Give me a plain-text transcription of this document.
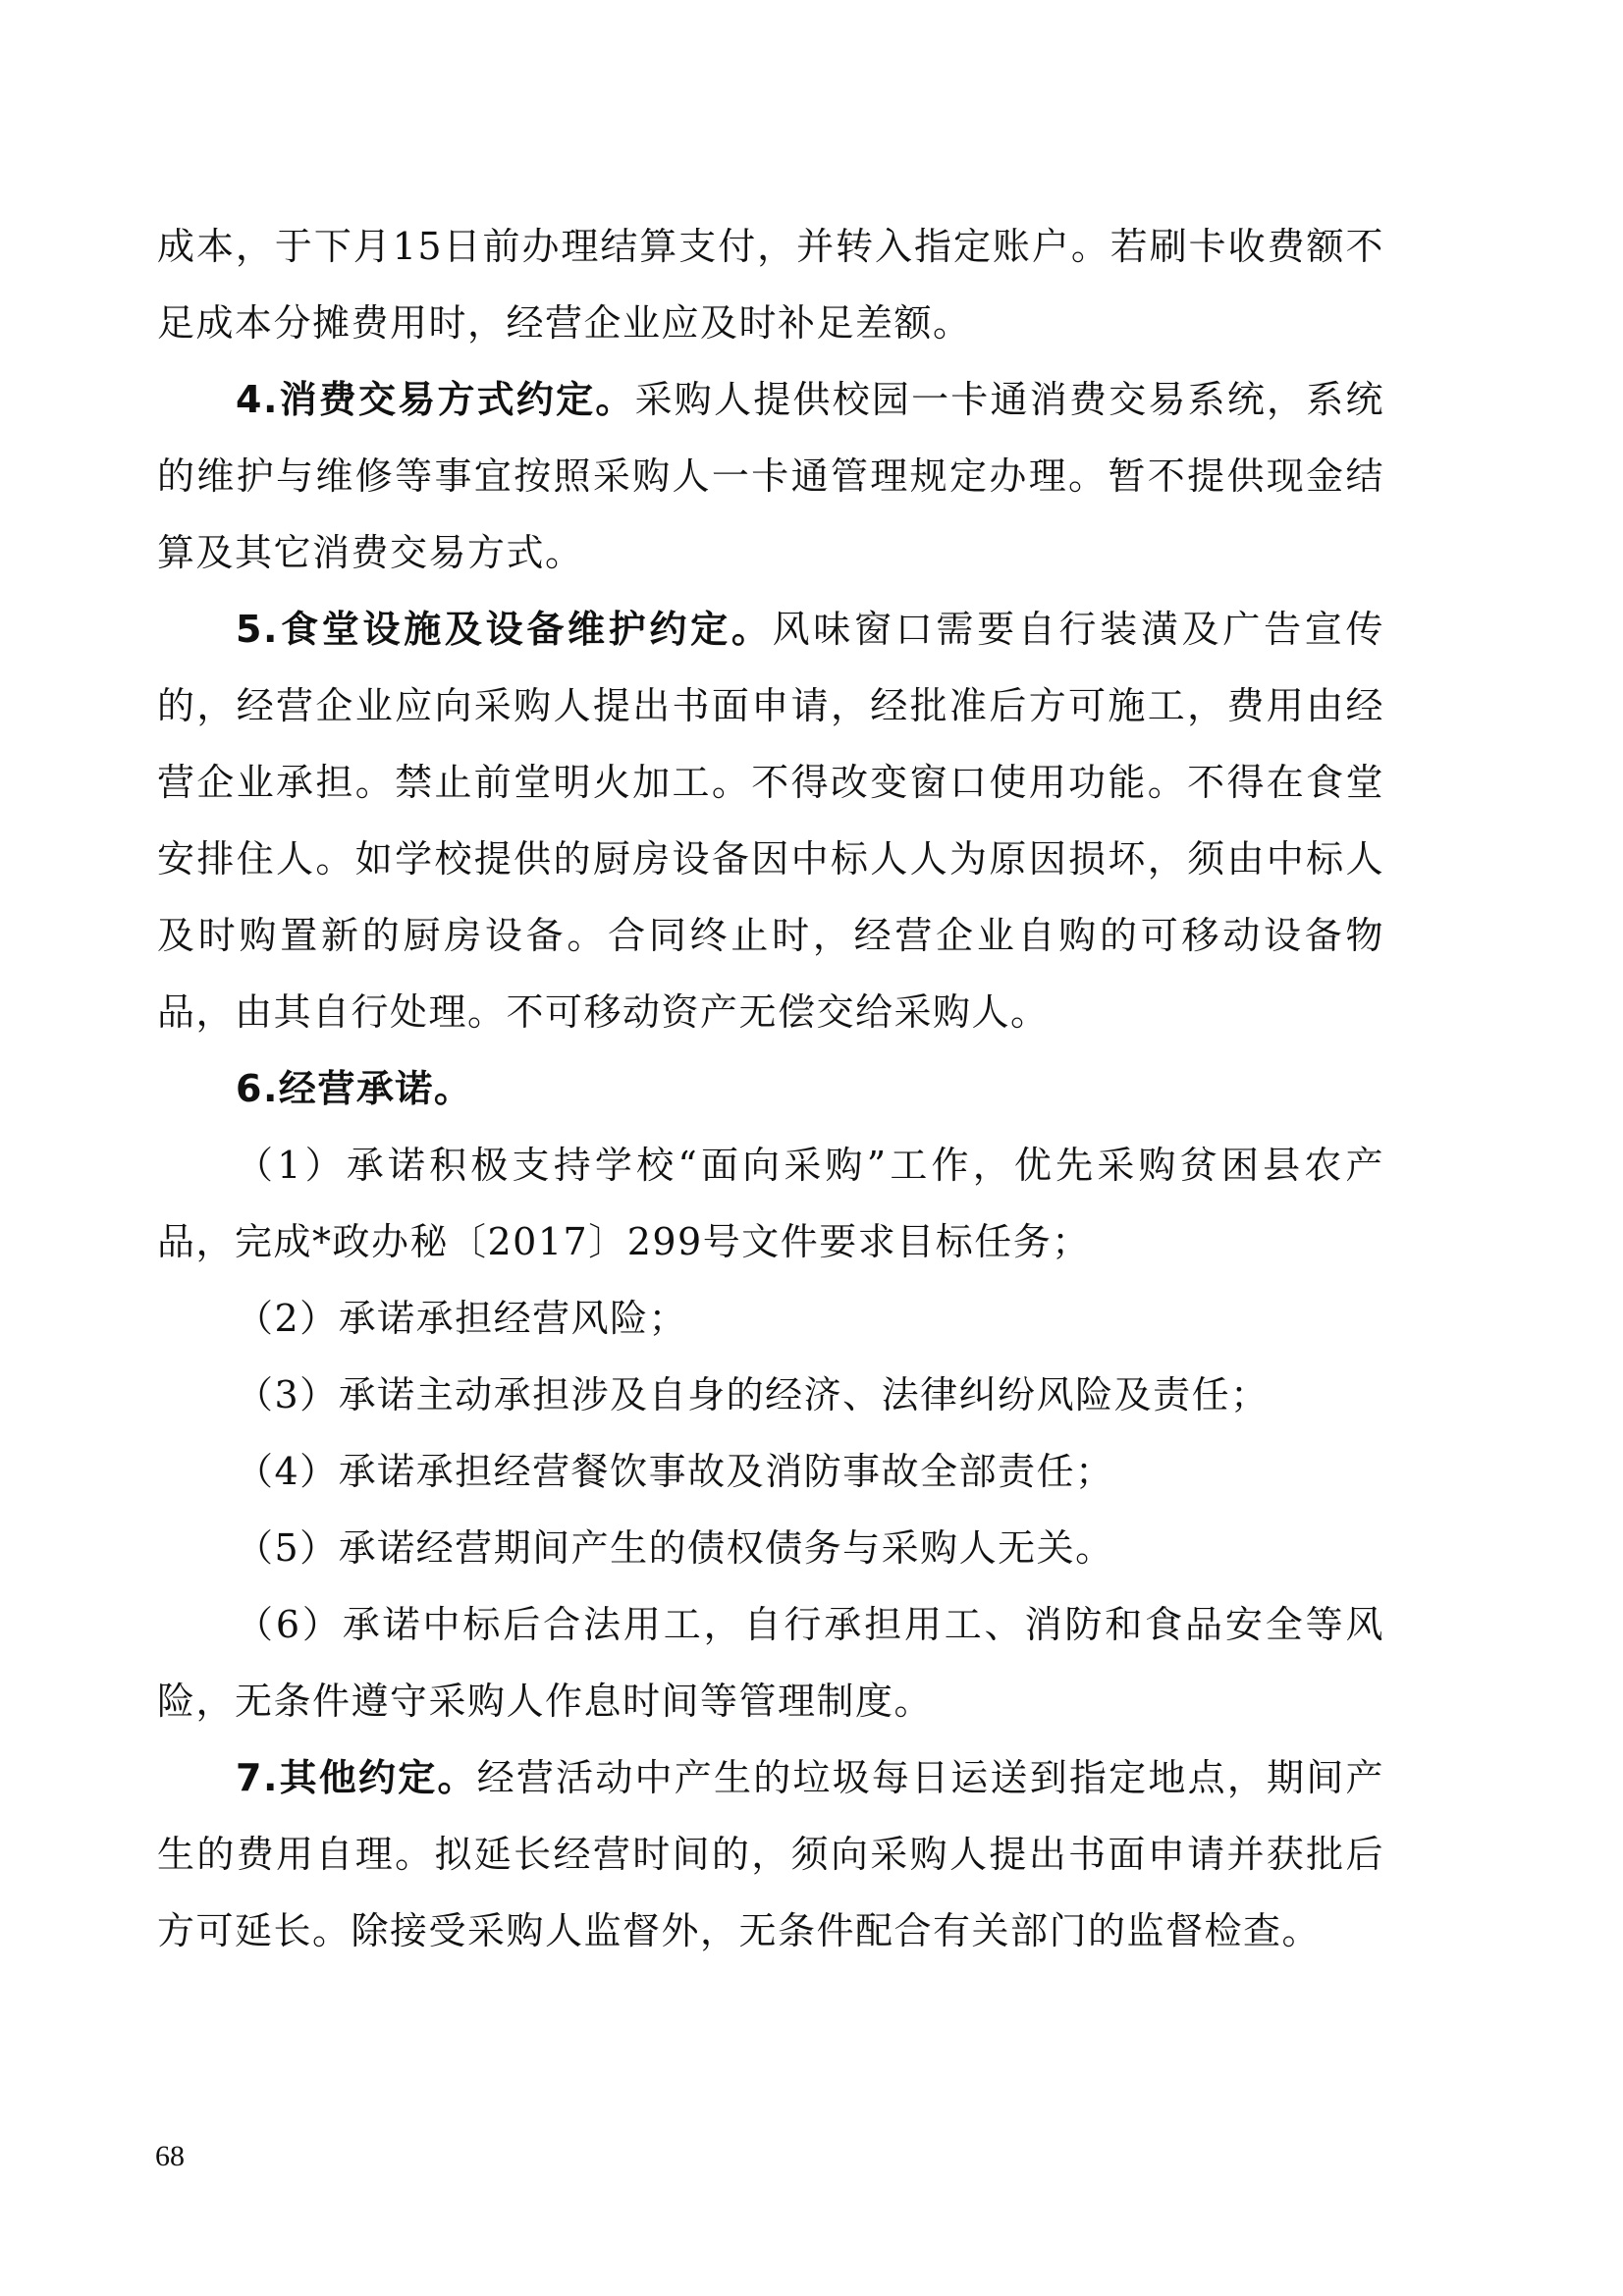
成本，于下月15日前办理结算支付，并转入指定账户。若刷卡收费额不足成本分摊费用时，经营企业应及时补足差额。

4.消费交易方式约定。采购人提供校园一卡通消费交易系统，系统的维护与维修等事宜按照采购人一卡通管理规定办理。暂不提供现金结算及其它消费交易方式。

5.食堂设施及设备维护约定。风味窗口需要自行装潢及广告宣传的，经营企业应向采购人提出书面申请，经批准后方可施工，费用由经营企业承担。禁止前堂明火加工。不得改变窗口使用功能。不得在食堂安排住人。如学校提供的厨房设备因中标人人为原因损坏，须由中标人及时购置新的厨房设备。合同终止时，经营企业自购的可移动设备物品，由其自行处理。不可移动资产无偿交给采购人。

6.经营承诺。

（1）承诺积极支持学校“面向采购”工作，优先采购贫困县农产品，完成*政办秘〔2017〕299号文件要求目标任务；

（2）承诺承担经营风险；

（3）承诺主动承担涉及自身的经济、法律纠纷风险及责任；

（4）承诺承担经营餐饮事故及消防事故全部责任；

（5）承诺经营期间产生的债权债务与采购人无关。

（6）承诺中标后合法用工，自行承担用工、消防和食品安全等风险，无条件遵守采购人作息时间等管理制度。

7.其他约定。经营活动中产生的垃圾每日运送到指定地点，期间产生的费用自理。拟延长经营时间的，须向采购人提出书面申请并获批后方可延长。除接受采购人监督外，无条件配合有关部门的监督检查。

68
